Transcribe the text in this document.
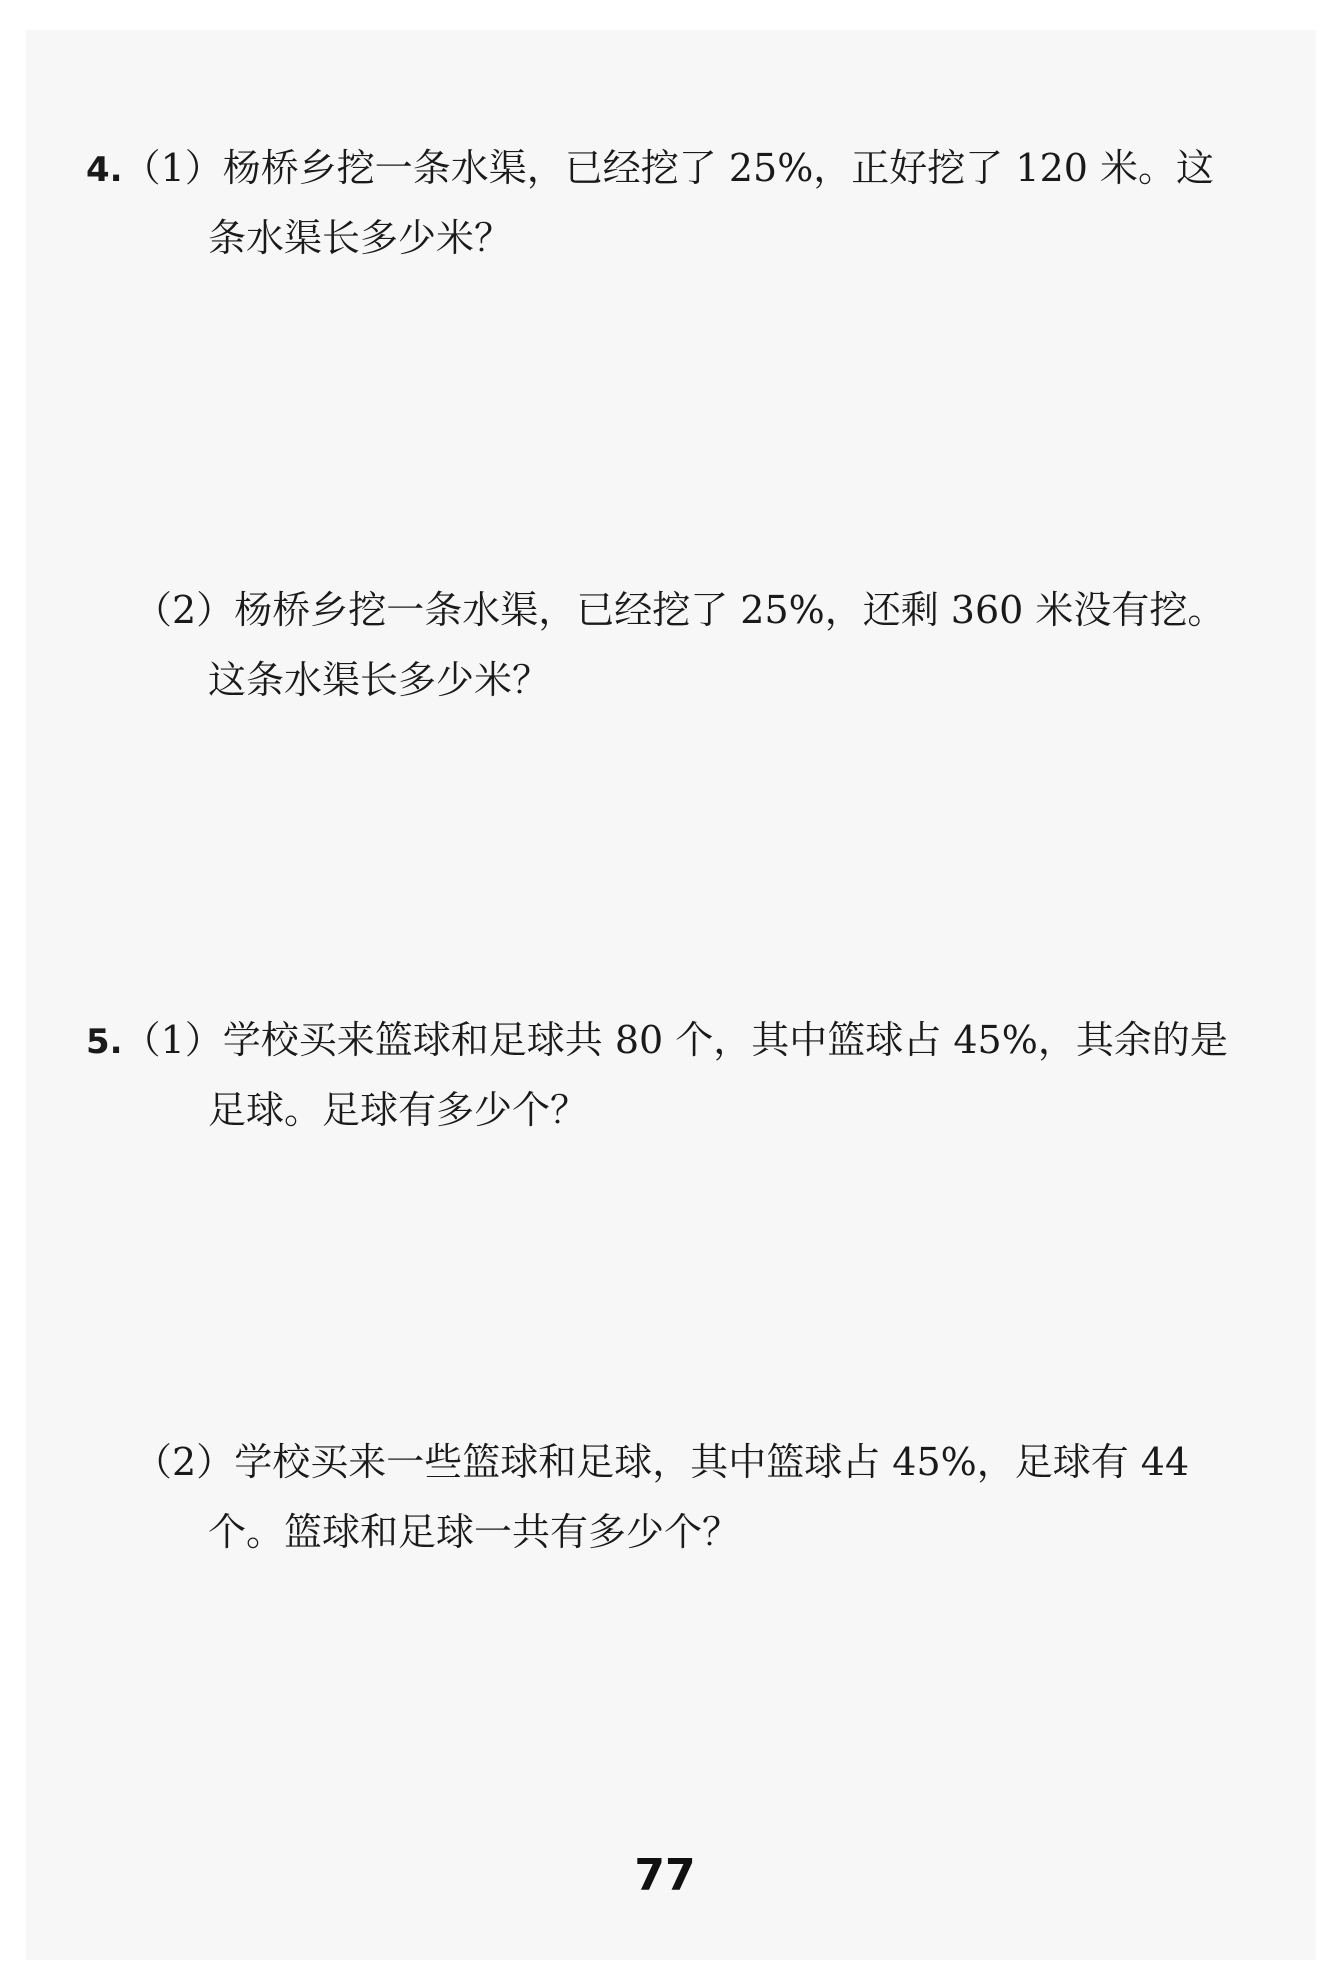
4.（1）杨桥乡挖一条水渠，已经挖了 25%，正好挖了 120 米。这
条水渠长多少米？
（2）杨桥乡挖一条水渠，已经挖了 25%，还剩 360 米没有挖。
这条水渠长多少米？
5.（1）学校买来篮球和足球共 80 个，其中篮球占 45%，其余的是
足球。足球有多少个？
（2）学校买来一些篮球和足球，其中篮球占 45%，足球有 44
个。篮球和足球一共有多少个？
77
